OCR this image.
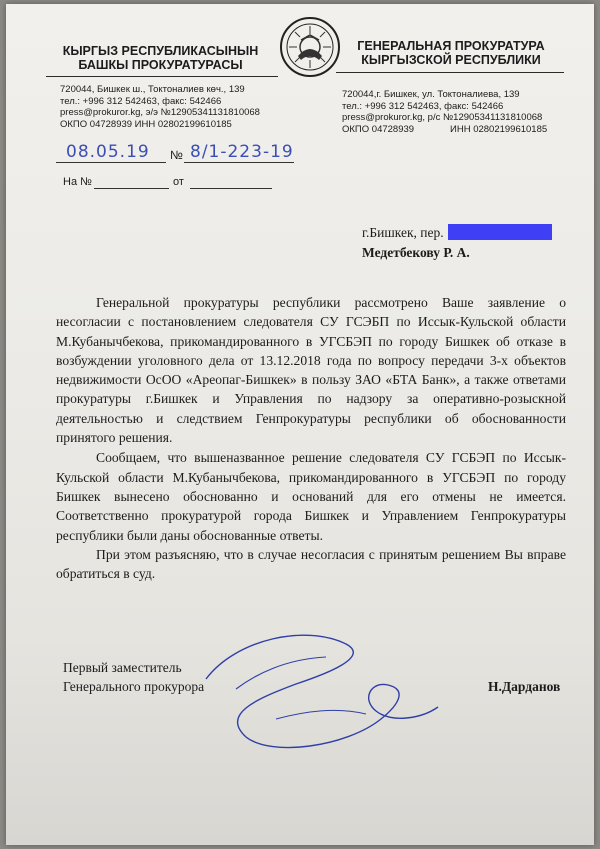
КЫРГЫЗ РЕСПУБЛИКАСЫНЫН
БАШКЫ ПРОКУРАТУРАСЫ
ГЕНЕРАЛЬНАЯ ПРОКУРАТУРА
КЫРГЫЗСКОЙ РЕСПУБЛИКИ
720044, Бишкек ш., Токтоналиев көч., 139
тел.: +996 312 542463, факс: 542466
press@prokuror.kg, э/э №12905341131810068
ОКПО 04728939 ИНН 02802199610185
720044,г. Бишкек, ул. Токтоналиева, 139
тел.: +996 312 542463, факс: 542466
press@prokuror.kg, р/с №12905341131810068
ОКПО 04728939	ИНН 02802199610185
08.05.19 № 8/1-223-19
На №	от
г.Бишкек, пер.
Медетбекову Р. А.

Генеральной прокуратуры республики рассмотрено Ваше заявление о несогласии с постановлением следователя СУ ГСЭБП по Иссык-Кульской области М.Кубанычбекова, прикомандированного в УГСБЭП по городу Бишкек об отказе в возбуждении уголовного дела от 13.12.2018 года по вопросу передачи 3-х объектов недвижимости ОсОО «Ареопаг-Бишкек» в пользу ЗАО «БТА Банк», а также ответами прокуратуры г.Бишкек и Управления по надзору за оперативно-розыскной деятельностью и следствием Генпрокуратуры республики об обоснованности принятого решения.

Сообщаем, что вышеназванное решение следователя СУ ГСБЭП по Иссык-Кульской области М.Кубанычбекова, прикомандированного в УГСБЭП по городу Бишкек вынесено обоснованно и оснований для его отмены не имеется. Соответственно прокуратурой города Бишкек и Управлением Генпрокуратуры республики были даны обоснованные ответы.

При этом разъясняю, что в случае несогласия с принятым решением Вы вправе обратиться в суд.

Первый заместитель
Генерального прокурора	Н.Дарданов
